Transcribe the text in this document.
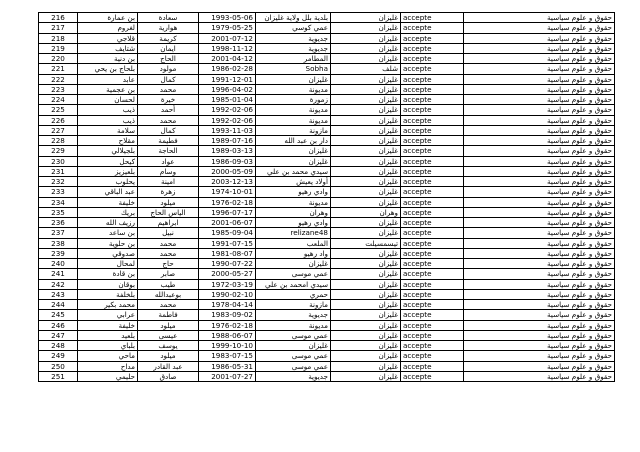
216	بن عمارة	سعادة	1993-05-06	بلدية بلل ولاية غليزان	غليزان	accepte	حقوق و علوم سياسية
217	لغروم	هوارية	1979-05-25	عمي كوسي	غليزان	accepte	حقوق و علوم سياسية
218	قلاجي	كريمة	2001-07-12	جديوية	غليزان	accepte	حقوق و علوم سياسية
219	شتايف	ايمان	1998-11-12	جديوية	غليزان	accepte	حقوق و علوم سياسية
220	بن دنية	الحاج	2001-04-12	المطامر	غليزان	accepte	حقوق و علوم سياسية
221	بلحاج بن يحي	مولود	1986-02-28	Sobha	شلف	accepte	حقوق و علوم سياسية
222	عابد	كمال	1991-12-01	غليزان	غليزان	accepte	حقوق و علوم سياسية
223	بن عجمية	محمد	1996-04-02	مديونة	غليزان	accepte	حقوق و علوم سياسية
224	لحسان	خيرة	1985-01-04	زمورة	غليزان	accepte	حقوق و علوم سياسية
225	ذيب	أحمد	1992-02-06	مديونة	غليزان	accepte	حقوق و علوم سياسية
226	ذيب	محمد	1992-02-06	مديونة	غليزان	accepte	حقوق و علوم سياسية
227	سلامة	كمال	1993-11-03	مازونة	غليزان	accepte	حقوق و علوم سياسية
228	مقلاح	فطيمة	1989-07-16	دار بن عبد الله	غليزان	accepte	حقوق و علوم سياسية
229	بلجيلالي	الحاجة	1989-03-13	غليزان	غليزان	accepte	حقوق و علوم سياسية
230	كيحل	عواد	1986-09-03	غليزان	غليزان	accepte	حقوق و علوم سياسية
231	بلعيزيز	وسام	2000-05-09	سيدي محمد بن علي	غليزان	accepte	حقوق و علوم سياسية
232	يحلوب	امينة	2003-12-13	أولاد يعيش	غليزان	accepte	حقوق و علوم سياسية
233	عبد الباقي	زهرة	1974-10-01	وادي رهيو	غليزان	accepte	حقوق و علوم سياسية
234	خليفة	ميلود	1976-02-18	مديونة	غليزان	accepte	حقوق و علوم سياسية
235	بريك	الياس الحاج	1996-07-17	وهران	وهران	accepte	حقوق و علوم سياسية
236	رزيف الله	ابراهيم	2001-06-07	وادي رهيو	غليزان	accepte	حقوق و علوم سياسية
237	بن ساعد	نبيل	1985-09-04	relizane48	غليزان	accepte	حقوق و علوم سياسية
238	بن حلوية	محمد	1991-07-15	الملعب	تيسمسيلت	accepte	حقوق و علوم سياسية
239	صدوقي	محمد	1981-08-07	واد رهيو	غليزان	accepte	حقوق و علوم سياسية
240	لمحال	حاج	1990-07-22	غليزان	غليزان	accepte	حقوق و علوم سياسية
241	بن قادة	صابر	2000-05-27	عمي موسى	غليزان	accepte	حقوق و علوم سياسية
242	بوقان	طيب	1972-03-19	سيدي امحمد بن علي	غليزان	accepte	حقوق و علوم سياسية
243	بلخلفة	بوعبدالله	1990-02-10	حمري	غليزان	accepte	حقوق و علوم سياسية
244	محمد بكير	محمد	1978-04-14	مازونة	غليزان	accepte	حقوق و علوم سياسية
245	عرابي	فاطمة	1983-09-02	جديوية	غليزان	accepte	حقوق و علوم سياسية
246	خليفة	ميلود	1976-02-18	مديونة	غليزان	accepte	حقوق و علوم سياسية
247	بلعيد	عيسى	1988-06-07	عمي موسى	غليزان	accepte	حقوق و علوم سياسية
248	بلباي	يوسف	1999-10-10	غليزان	غليزان	accepte	حقوق و علوم سياسية
249	ماحي	ميلود	1983-07-15	عمي موسى	غليزان	accepte	حقوق و علوم سياسية
250	مداح	عبد القادر	1986-05-31	عمي موسى	غليزان	accepte	حقوق و علوم سياسية
251	حليمي	صادق	2001-07-27	جديوية	غليزان	accepte	حقوق و علوم سياسية
